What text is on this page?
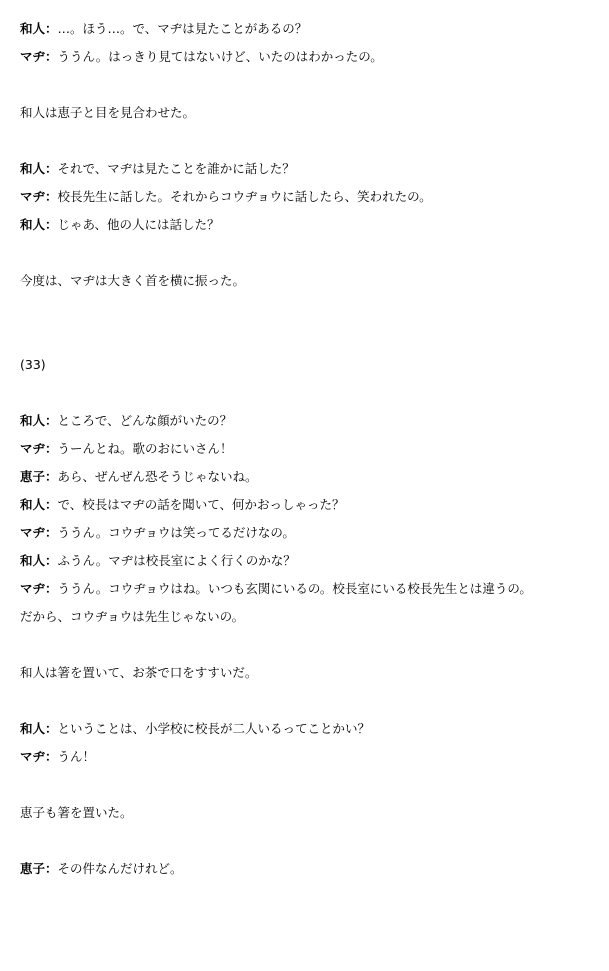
和人：…。ほう…。で、マヂは見たことがあるの？
マヂ：ううん。はっきり見てはないけど、いたのはわかったの。
和人は恵子と目を見合わせた。
和人：それで、マヂは見たことを誰かに話した？
マヂ：校長先生に話した。それからコウヂョウに話したら、笑われたの。
和人：じゃあ、他の人には話した？
今度は、マヂは大きく首を横に振った。
(33)
和人：ところで、どんな顔がいたの？
マヂ：うーんとね。歌のおにいさん！
恵子：あら、ぜんぜん恐そうじゃないね。
和人：で、校長はマヂの話を聞いて、何かおっしゃった？
マヂ：ううん。コウヂョウは笑ってるだけなの。
和人：ふうん。マヂは校長室によく行くのかな？
マヂ：ううん。コウヂョウはね。いつも玄関にいるの。校長室にいる校長先生とは違うの。
だから、コウヂョウは先生じゃないの。
和人は箸を置いて、お茶で口をすすいだ。
和人：ということは、小学校に校長が二人いるってことかい？
マヂ：うん！
恵子も箸を置いた。
恵子：その件なんだけれど。
